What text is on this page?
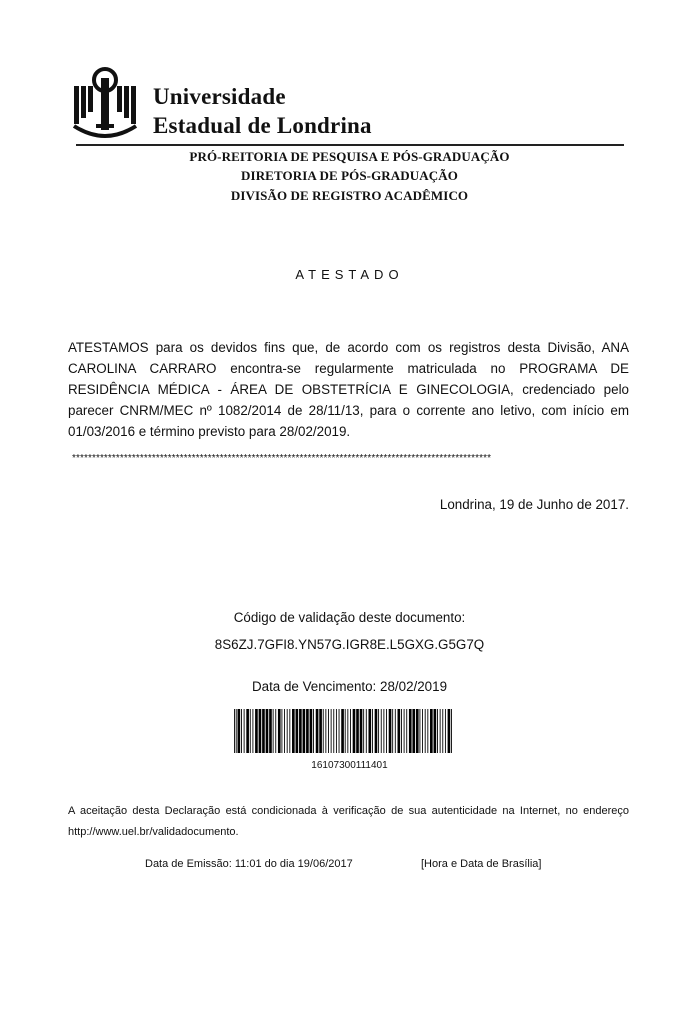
Universidade
Estadual de Londrina
PRÓ-REITORIA DE PESQUISA E PÓS-GRADUAÇÃO
DIRETORIA DE PÓS-GRADUAÇÃO
DIVISÃO DE REGISTRO ACADÊMICO
ATESTADO
ATESTAMOS para os devidos fins que, de acordo com os registros desta Divisão, ANA CAROLINA CARRARO encontra-se regularmente matriculada no PROGRAMA DE RESIDÊNCIA MÉDICA - ÁREA DE OBSTETRÍCIA E GINECOLOGIA, credenciado pelo parecer CNRM/MEC nº 1082/2014 de 28/11/13, para o corrente ano letivo, com início em 01/03/2016 e término previsto para 28/02/2019.
*********************************************************************************************************
Londrina, 19 de Junho de 2017.
Código de validação deste documento:
8S6ZJ.7GFI8.YN57G.IGR8E.L5GXG.G5G7Q
Data de Vencimento: 28/02/2019
16107300111401
A aceitação desta Declaração está condicionada à verificação de sua autenticidade na Internet, no endereço http://www.uel.br/validadocumento.
Data de Emissão: 11:01 do dia 19/06/2017	[Hora e Data de Brasília]
